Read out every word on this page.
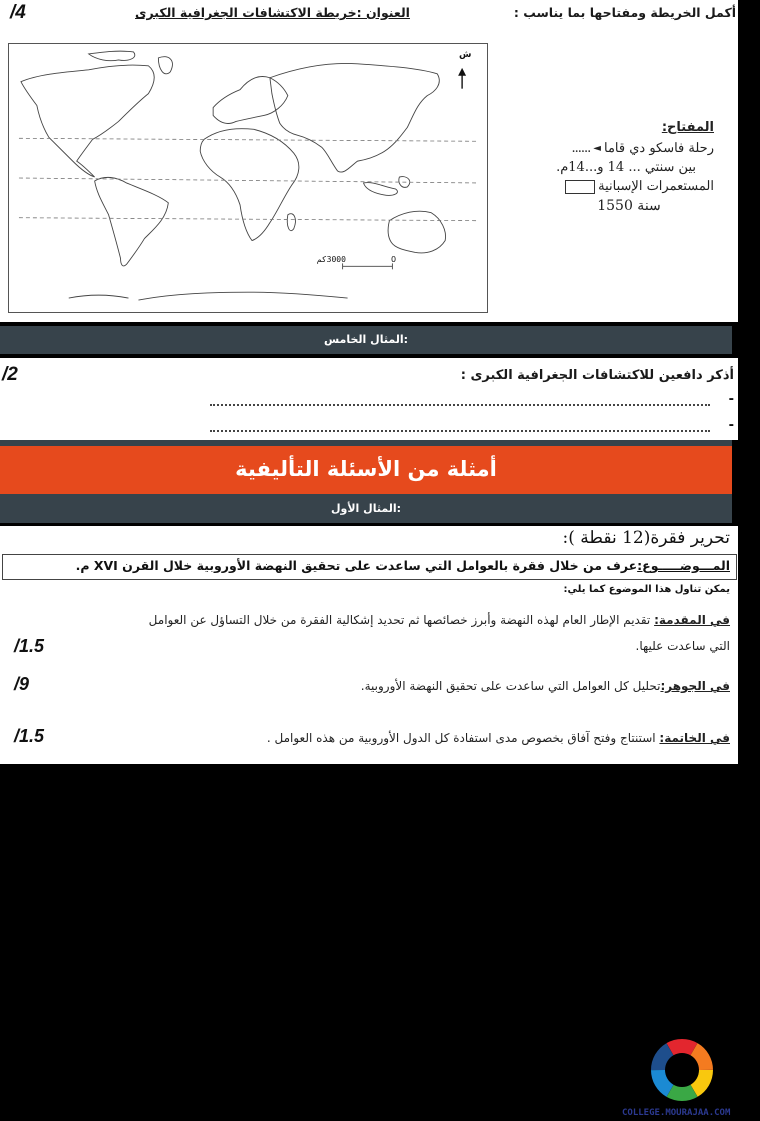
/4	العنوان :خريطة الاكتشافات الجغرافية الكبرى	أكمل الخريطة ومفتاحها بما يناسب :
ش
3000كم	0
المفتاح:
رحلة فاسكو دي قاما
◄
......
بين سنتي ... 14 و...14م.
المستعمرات الإسبانية
سنة 1550
:المثال الخامس
/2	أذكر دافعين للاكتشافات الجغرافية الكبرى :
-
-
أمثلة من الأسئلة التأليفية
:المثال الأول
تحرير فقرة(12 نقطة ):
المـــوضـــــوع:عرف من خلال فقرة بالعوامل التي ساعدت على تحقيق النهضة الأوروبية خلال القرن XVI م.
يمكن تناول هذا الموضوع كما يلي:
في المقدمة: تقديم الإطار العام لهذه النهضة وأبرز خصائصها ثم تحديد إشكالية الفقرة من خلال التساؤل عن العوامل
التي ساعدت عليها.
/1.5
في الجوهر:تحليل كل العوامل التي ساعدت على تحقيق النهضة الأوروبية.
/9
في الخاتمة: استنتاج وفتح آفاق بخصوص مدى استفادة كل الدول الأوروبية من هذه العوامل .
/1.5
COLLEGE.MOURAJAA.COM
